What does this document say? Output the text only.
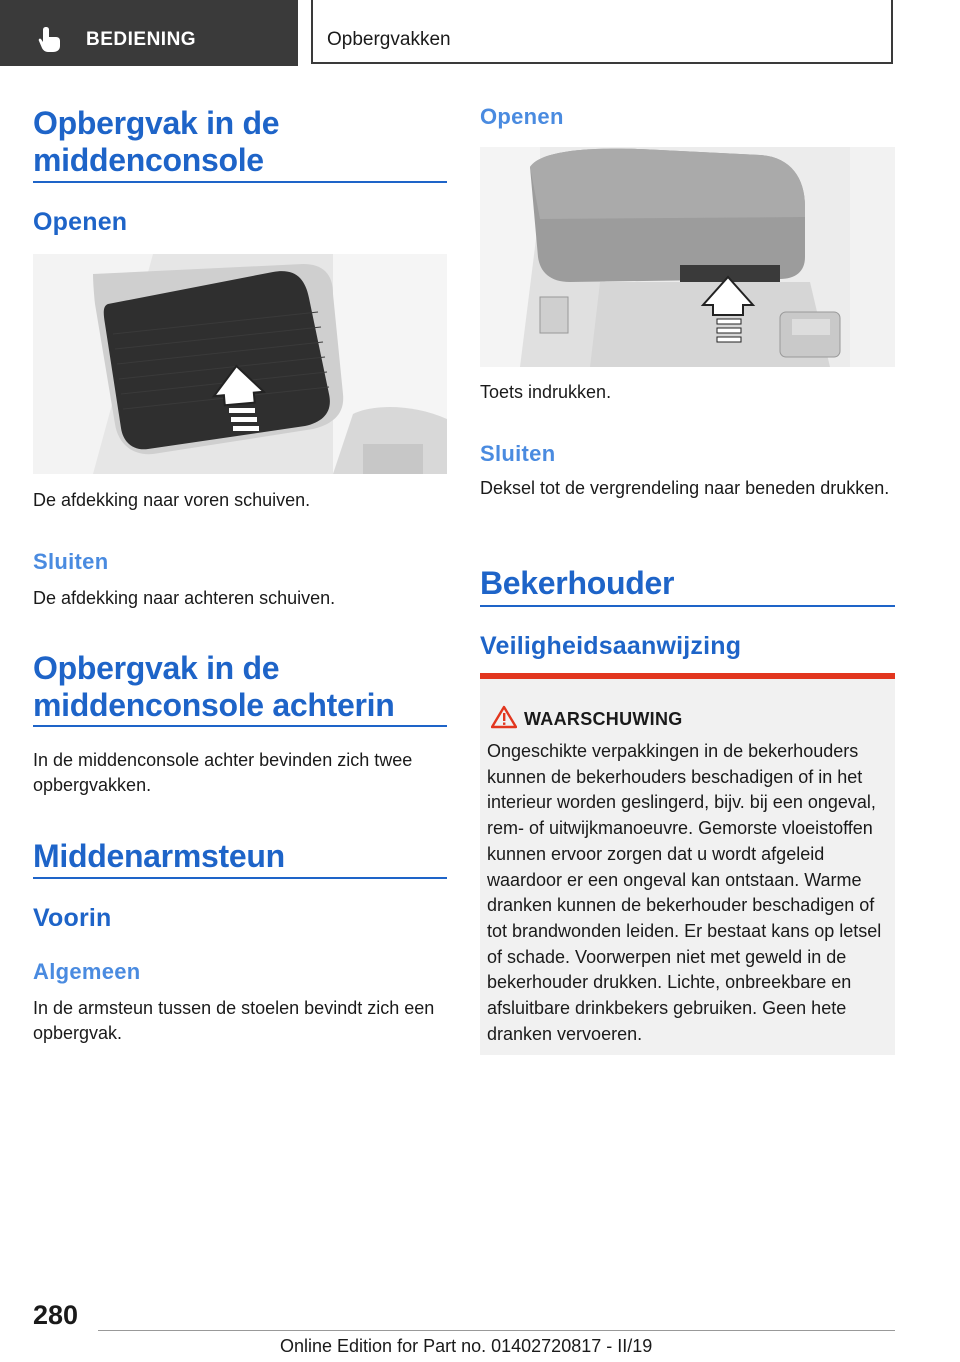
BEDIENING	Opbergvakken
Opbergvak in de middenconsole
Openen
De afdekking naar voren schuiven.
Sluiten
De afdekking naar achteren schuiven.
Opbergvak in de middenconsole achterin
In de middenconsole achter bevinden zich twee opbergvakken.
Middenarmsteun
Voorin
Algemeen
In de armsteun tussen de stoelen bevindt zich een opbergvak.
Openen
Toets indrukken.
Sluiten
Deksel tot de vergrendeling naar beneden drukken.
Bekerhouder
Veiligheidsaanwijzing
WAARSCHUWING
Ongeschikte verpakkingen in de bekerhouders kunnen de bekerhouders beschadigen of in het interieur worden geslingerd, bijv. bij een ongeval, rem- of uitwijkmanoeuvre. Gemorste vloeistoffen kunnen ervoor zorgen dat u wordt afgeleid waardoor er een ongeval kan ontstaan. Warme dranken kunnen de bekerhouder beschadigen of tot brandwonden leiden. Er bestaat kans op letsel of schade. Voorwerpen niet met geweld in de bekerhouder drukken. Lichte, onbreekbare en afsluitbare drinkbekers gebruiken. Geen hete dranken vervoeren.
280
Online Edition for Part no. 01402720817 - II/19
